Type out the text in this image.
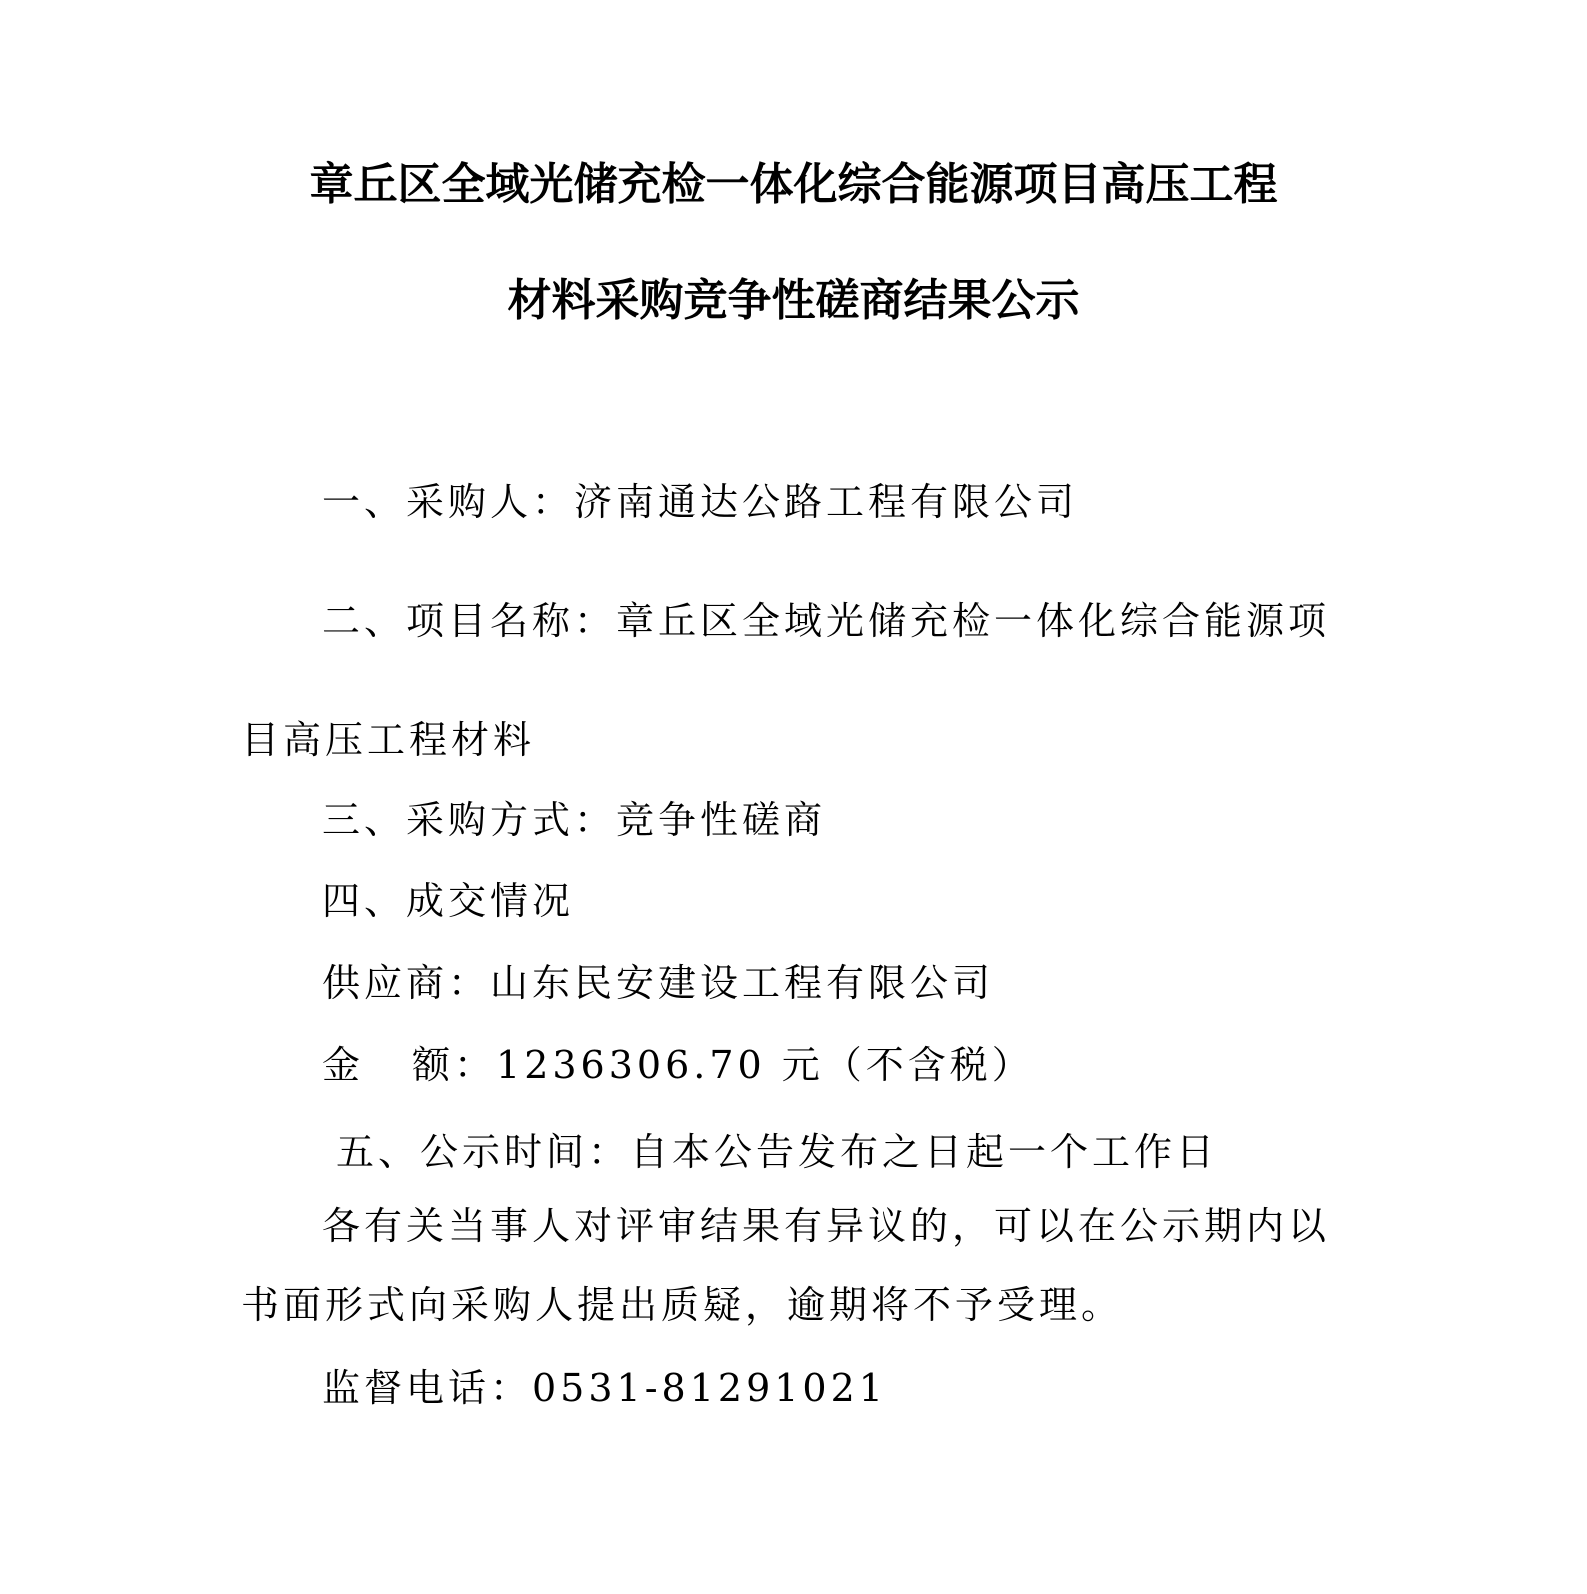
章丘区全域光储充检一体化综合能源项目高压工程
材料采购竞争性磋商结果公示
一、采购人：济南通达公路工程有限公司
二、项目名称：章丘区全域光储充检一体化综合能源项
目高压工程材料
三、采购方式：竞争性磋商
四、成交情况
供应商：山东民安建设工程有限公司
金 额：1236306.70 元（不含税）
五、公示时间：自本公告发布之日起一个工作日
各有关当事人对评审结果有异议的，可以在公示期内以
书面形式向采购人提出质疑，逾期将不予受理。
监督电话：0531-81291021
